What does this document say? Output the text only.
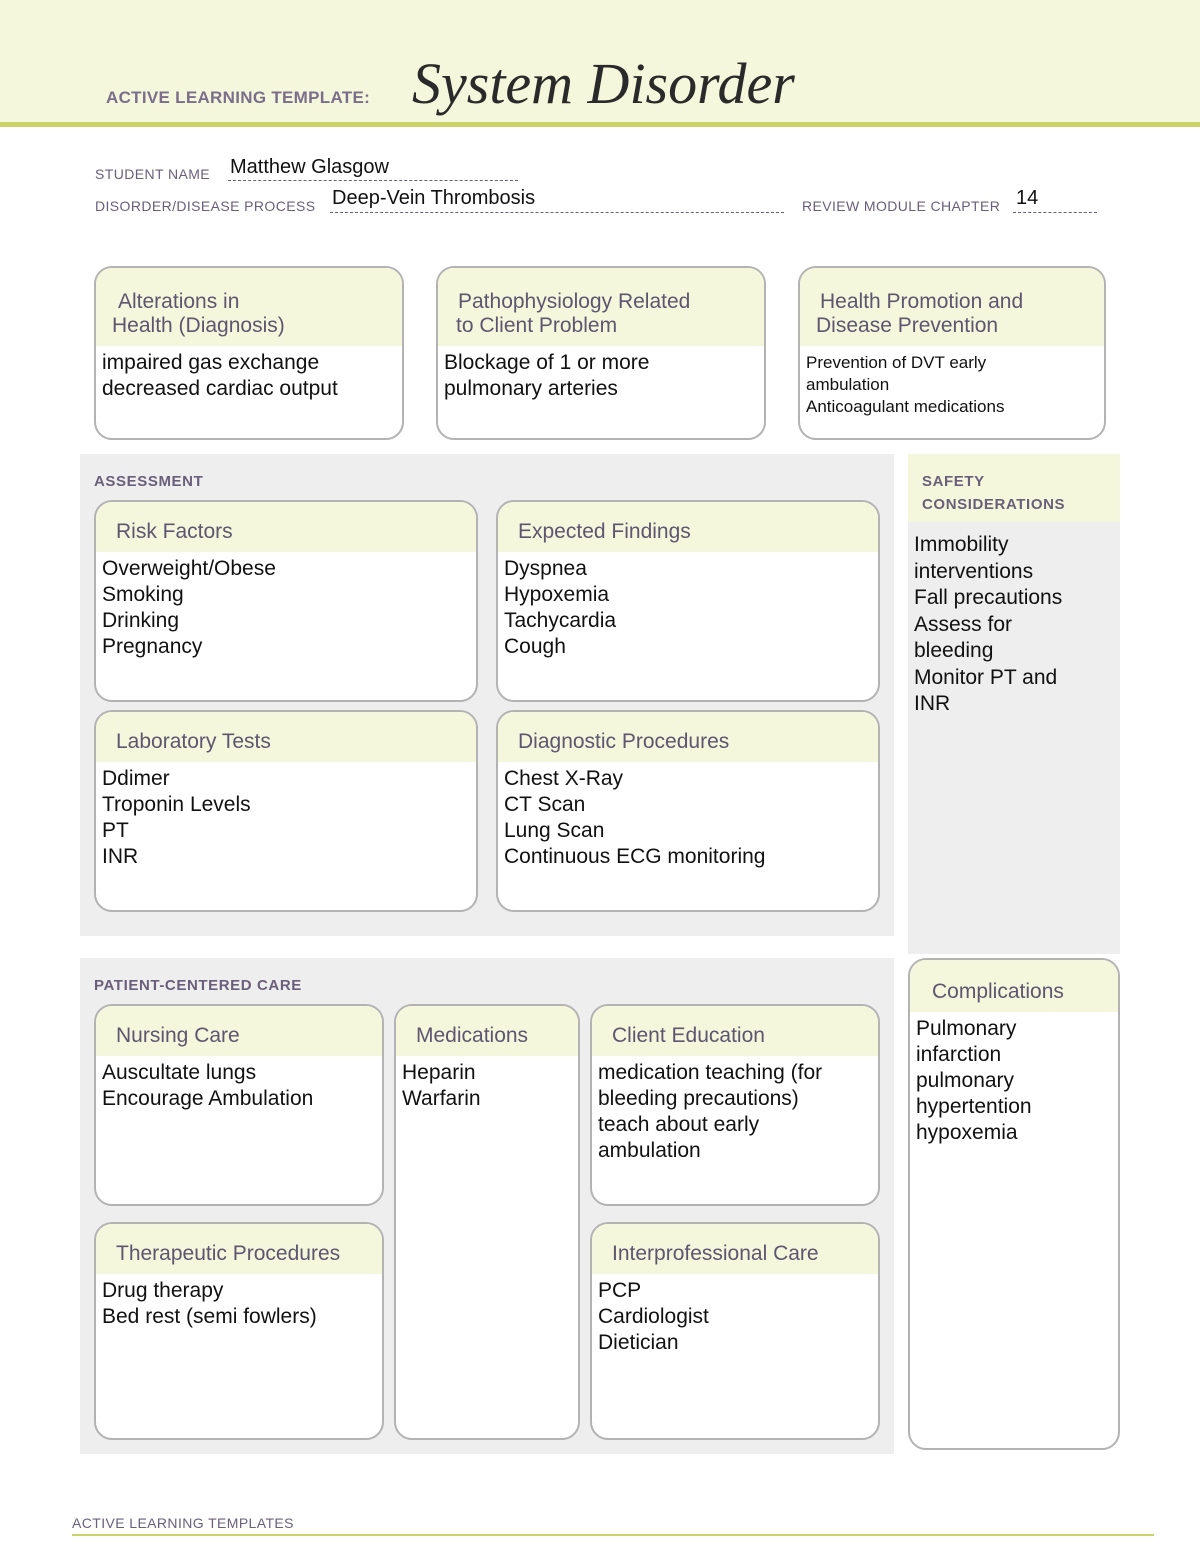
ACTIVE LEARNING TEMPLATE: System Disorder
STUDENT NAME Matthew Glasgow
DISORDER/DISEASE PROCESS Deep-Vein Thrombosis	REVIEW MODULE CHAPTER 14
Alterations in
Health (Diagnosis)
impaired gas exchange
decreased cardiac output
Pathophysiology Related
to Client Problem
Blockage of 1 or more
pulmonary arteries
Health Promotion and
Disease Prevention
Prevention of DVT early
ambulation
Anticoagulant medications
ASSESSMENT
Risk Factors
Overweight/Obese
Smoking
Drinking
Pregnancy
Expected Findings
Dyspnea
Hypoxemia
Tachycardia
Cough
Laboratory Tests
Ddimer
Troponin Levels
PT
INR
Diagnostic Procedures
Chest X-Ray
CT Scan
Lung Scan
Continuous ECG monitoring
SAFETY
CONSIDERATIONS
Immobility
interventions
Fall precautions
Assess for
bleeding
Monitor PT and
INR
PATIENT-CENTERED CARE
Nursing Care
Auscultate lungs
Encourage Ambulation
Medications
Heparin
Warfarin
Client Education
medication teaching (for
bleeding precautions)
teach about early
ambulation
Therapeutic Procedures
Drug therapy
Bed rest (semi fowlers)
Interprofessional Care
PCP
Cardiologist
Dietician
Complications
Pulmonary
infarction
pulmonary
hypertention
hypoxemia
ACTIVE LEARNING TEMPLATES
